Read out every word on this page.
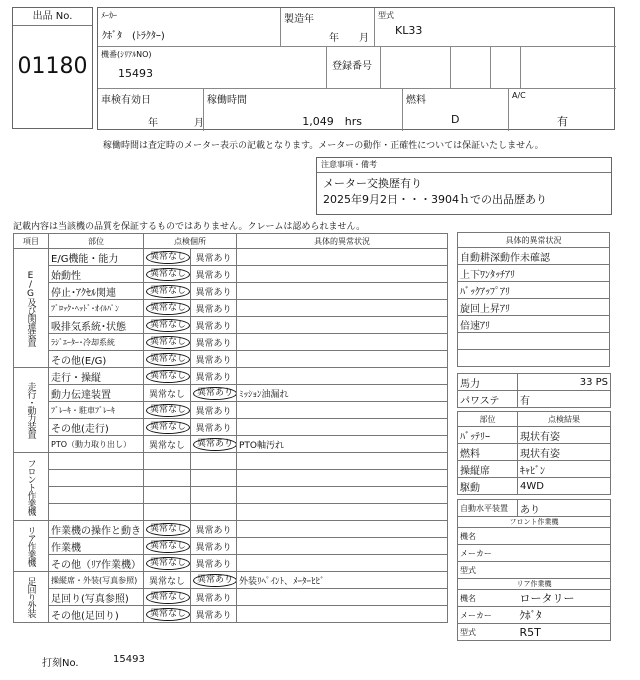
出品 No.
01180
ﾒｰｶｰ
ｸﾎﾞﾀ　(ﾄﾗｸﾀｰ)
製造年
年 月
型式
KL33
機番(ｼﾘｱﾙNO)
15493
登録番号
車検有効日
年	月
稼働時間
1,049　hrs
燃料
D
A/C
有
稼働時間は査定時のメーター表示の記載となります。メーターの動作・正確性については保証いたしません。
注意事項・備考
メーター交換歴有り
2025年9月2日・・・3904ｈでの出品歴あり
記載内容は当該機の品質を保証するものではありません。クレームは認められません。
項目	部位	点検個所		具体的異常状況
E/G及び関連装置	E/G機能・能力	異常なし	異常あり	
	始動性	異常なし	異常あり	
	停止･ｱｸｾﾙ関連	異常なし	異常あり	
	ﾌﾞﾛｯｸ･ﾍｯﾄﾞ･ｵｲﾙﾊﾟﾝ	異常なし	異常あり	
	吸排気系統･状態	異常なし	異常あり	
	ﾗｼﾞｴｰﾀｰ･冷却系統	異常なし	異常あり	
	その他(E/G)	異常なし	異常あり	
走行・動力装置	走行・操縦	異常なし	異常あり	
	動力伝達装置	異常なし	異常あり	ﾐｯｼｮﾝ油漏れ
	ﾌﾞﾚｰｷ・駐車ﾌﾞﾚｰｷ	異常なし	異常あり	
	その他(走行)	異常なし	異常あり	
	PTO（動力取り出し）	異常なし	異常あり	PTO軸汚れ
フロント作業機				

リア作業機	作業機の操作と動き	異常なし	異常あり	
	作業機	異常なし	異常あり	
	その他（ﾘｱ作業機）	異常なし	異常あり	
足回り外装	操縦席・外装(写真参照)	異常なし	異常あり	外装ﾘﾍﾟｲﾝﾄ、ﾒｰﾀｰﾋﾋﾞ
	足回り(写真参照)	異常なし	異常あり	
	その他(足回り)	異常なし	異常あり	
具体的異常状況
自動耕深動作未確認
上下ﾜﾝﾀｯﾁｱﾘ
ﾊﾞｯｸｱｯﾌﾟｱﾘ
旋回上昇ｱﾘ
倍速ｱﾘ

馬力	33 PS
パワステ	有
部位	点検結果
ﾊﾞｯﾃﾘｰ	現状有姿
燃料	現状有姿
操縦席	ｷｬﾋﾞﾝ
駆動	4WD
自動水平装置	あり
フロント作業機	
機名	
メーカー	
型式	
リア作業機	
機名	ロータリー
メーカー	ｸﾎﾞﾀ
型式	R5T
打刻No.	15493
